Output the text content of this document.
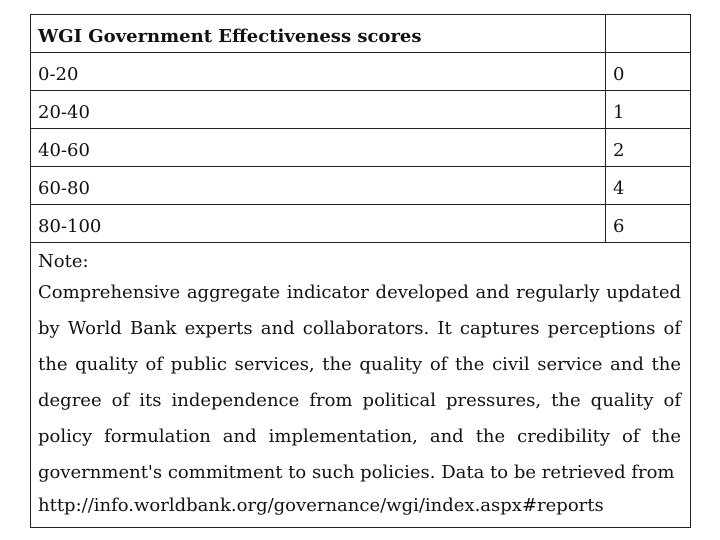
WGI Government Effectiveness scores	
0-20	0
20-40	1
40-60	2
60-80	4
80-100	6

Note:

Comprehensive aggregate indicator developed and regularly updated by World Bank experts and collaborators. It captures perceptions of the quality of public services, the quality of the civil service and the degree of its independence from political pressures, the quality of policy formulation and implementation, and the credibility of the government's commitment to such policies. Data to be retrieved from

http://info.worldbank.org/governance/wgi/index.aspx#reports	
